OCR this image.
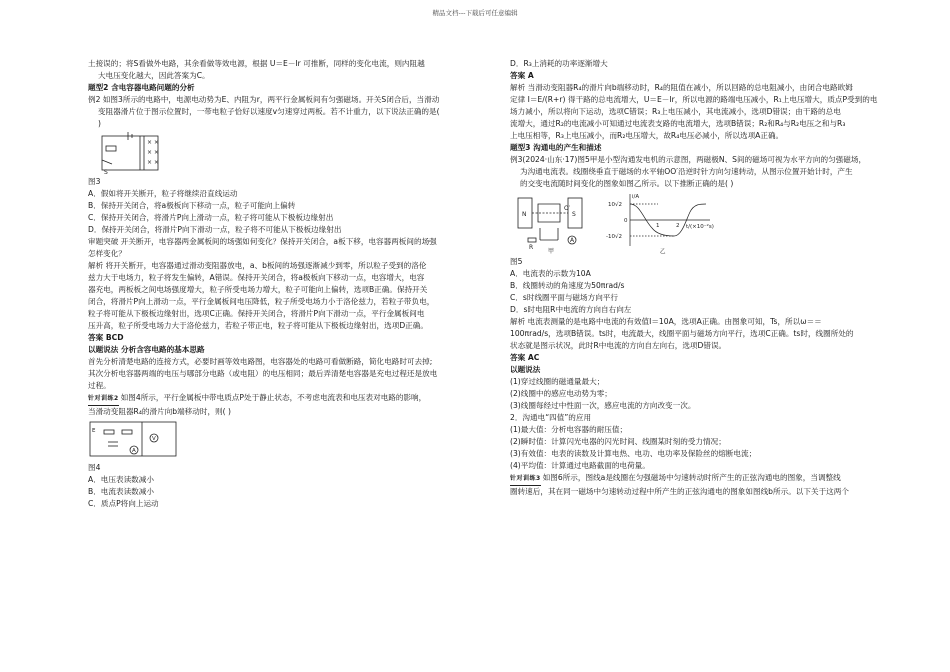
精品文档---下载后可任意编辑

土接误的；将S看做外电路，其余看做等效电源，根据 U＝E－Ir 可推断，同样的变化电流，则内阻越

大电压变化越大，因此答案为C。

题型2 含电容器电路问题的分析

例2 如图3所示的电路中，电源电动势为E、内阻为r，两平行金属板间有匀强磁场。开关S闭合后，当滑动

变阻器滑片位于图示位置时，一带电粒子恰好以速度v匀速穿过两板。若不计重力，以下说法正确的是(

)

× ×
× ×
× ×
S

图3

A．假如将开关断开，粒子将继续沿直线运动

B．保持开关闭合，将a极板向下移动一点，粒子可能向上偏转

C．保持开关闭合，将滑片P向上滑动一点，粒子将可能从下极板边缘射出

D．保持开关闭合，将滑片P向下滑动一点，粒子将不可能从下极板边缘射出

审题突破 开关断开，电容器两金属板间的场强如何变化？保持开关闭合，a板下移，电容器两板间的场强

怎样变化？

解析 将开关断开，电容器通过滑动变阻器放电，a、b板间的场强逐渐减少到零，所以粒子受到的洛伦

兹力大于电场力，粒子将发生偏转，A错误。保持开关闭合，将a极板向下移动一点，电容增大，电容

器充电，两板板之间电场强度增大，粒子所受电场力增大，粒子可能向上偏转，选项B正确。保持开关

闭合，将滑片P向上滑动一点，平行金属板间电压降低，粒子所受电场力小于洛伦兹力，若粒子带负电，

粒子将可能从下极板边缘射出，选项C正确。保持开关闭合，将滑片P向下滑动一点，平行金属板间电

压升高，粒子所受电场力大于洛伦兹力，若粒子带正电，粒子将可能从下极板边缘射出，选项D正确。

答案 BCD

以题说法 分析含容电路的基本思路

首先分析清楚电路的连接方式，必要时画等效电路图，电容器处的电路可看做断路，简化电路时可去掉;

其次分析电容器两端的电压与哪部分电路（或电阻）的电压相同；最后弄清楚电容器是充电过程还是放电

过程。

针对训练2 如图4所示，平行金属板中带电质点P处于静止状态，不考虑电流表和电压表对电路的影响，

当滑动变阻器R₄的滑片向b端移动时，则( )

V
A
E

图4

A．电压表读数减小

B．电流表读数减小

C．质点P将向上运动

D．R₃上消耗的功率逐渐增大

答案 A

解析 当滑动变阻器R₄的滑片向b端移动时，R₄的阻值在减小，所以回路的总电阻减小，由闭合电路欧姆

定律 I＝E/(R+r) 得干路的总电流增大，U＝E－Ir，所以电源的路端电压减小，R₁上电压增大，质点P受到的电

场力减小，所以将向下运动，选项C错误；R₃上电压减小，其电流减小，选项D错误；由干路的总电

流增大，通过R₂的电流减小可知通过电流表支路的电流增大，选项B错误；R₂和R₄与R₂电压之和与R₃

上电压相等，R₃上电压减小，而R₂电压增大，故R₄电压必减小，所以选项A正确。

题型3 沟通电的产生和描述

例3(2024·山东·17)图5甲是小型沟通发电机的示意图，两磁极N、S间的磁场可视为水平方向的匀强磁场，

为沟通电流表。线圈绕垂直于磁场的水平轴OO′沿逆时针方向匀速转动，从图示位置开始计时，产生

的交变电流随时间变化的图象如图乙所示。以下推断正确的是( )

N	S
O′
A
R
甲
i/A
t/(×10⁻²s)
10√2
0
-10√2
1	2
乙

图5

A．电流表的示数为10A

B．线圈转动的角速度为50πrad/s

C．s时线圈平面与磁场方向平行

D．s时电阻R中电流的方向自右向左

解析 电流表测量的是电路中电流的有效值I＝10A，选项A正确。由图象可知，Ts，所以ω＝＝

100πrad/s，选项B错误。ts时，电流最大，线圈平面与磁场方向平行，选项C正确。ts时，线圈所处的

状态就是图示状况，此时R中电流的方向自左向右，选项D错误。

答案 AC

以题说法

(1)穿过线圈的磁通量最大；

(2)线圈中的感应电动势为零；

(3)线圈每经过中性面一次，感应电流的方向改变一次。

2．沟通电“四值”的应用

(1)最大值：分析电容器的耐压值；

(2)瞬时值：计算闪光电器的闪光时间、线圈某时刻的受力情况；

(3)有效值：电表的读数及计算电热、电功、电功率及保险丝的熔断电流；

(4)平均值：计算通过电路截面的电荷量。

针对训练3 如图6所示，图线a是线圈在匀强磁场中匀速转动时所产生的正弦沟通电的图象，当调整线

圈转速后，其在同一磁场中匀速转动过程中所产生的正弦沟通电的图象如图线b所示。以下关于这两个
